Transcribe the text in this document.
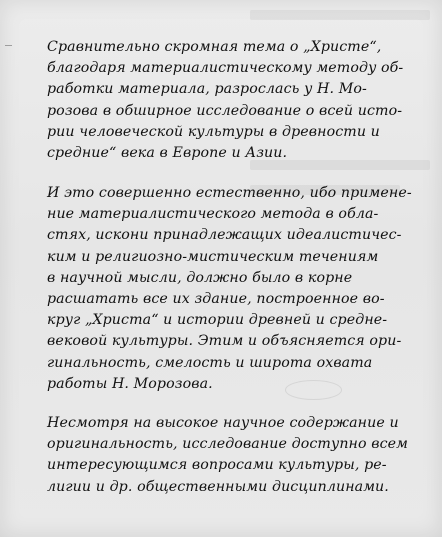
Сравнительно скромная тема о „Христе“,
благодаря материалистическому методу об-
работки материала, разрослась у Н. Мо-
розова в обширное исследование о всей исто-
рии человеческой культуры в древности и
средние“ века в Европе и Азии.

И это совершенно естественно, ибо примене-
ние материалистического метода в обла-
стях, искони принадлежащих идеалистичес-
ким и религиозно-мистическим течениям
в научной мысли, должно было в корне
расшатать все их здание, построенное во-
круг „Христа“ и истории древней и средне-
вековой культуры. Этим и объясняется ори-
гинальность, смелость и широта охвата
работы Н. Морозова.

Несмотря на высокое научное содержание и
оригинальность, исследование доступно всем
интересующимся вопросами культуры, ре-
лигии и др. общественными дисциплинами.
